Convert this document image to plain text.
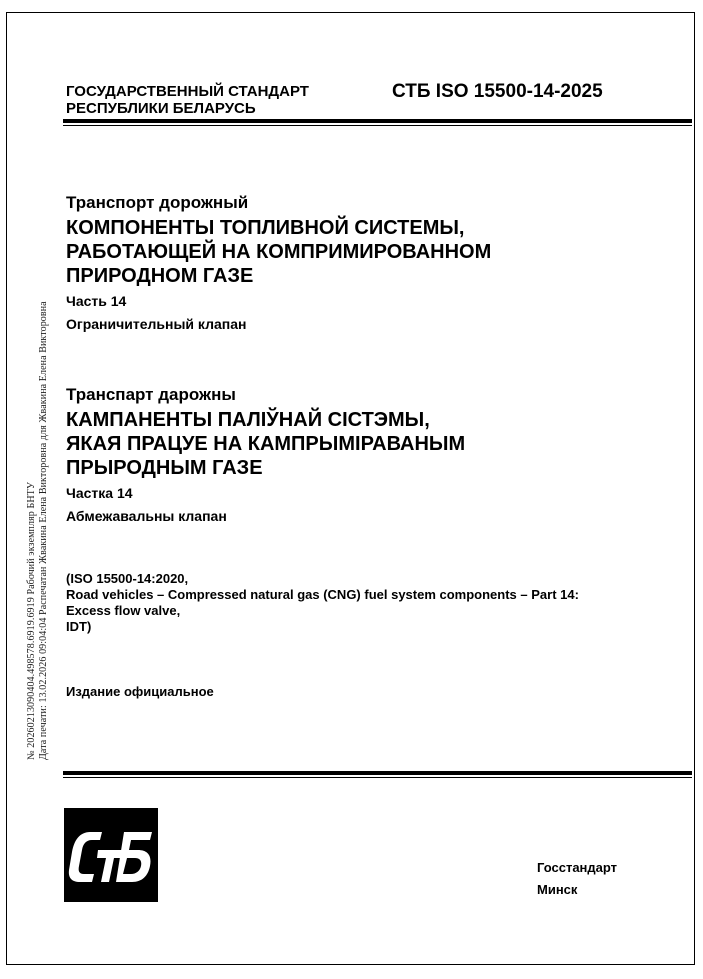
№ 20260213090404.498578.6919.6919 Рабочий экземпляр БНТУ Дата печати: 13.02.2026 09:04:04 Распечатан Жвакина Елена Викторовна для Жвакина Елена Викторовна
ГОСУДАРСТВЕННЫЙ СТАНДАРТ
РЕСПУБЛИКИ БЕЛАРУСЬ
СТБ ISO 15500-14-2025
Транспорт дорожный
КОМПОНЕНТЫ ТОПЛИВНОЙ СИСТЕМЫ,
РАБОТАЮЩЕЙ НА КОМПРИМИРОВАННОМ
ПРИРОДНОМ ГАЗЕ
Часть 14
Ограничительный клапан
Транспарт дарожны
КАМПАНЕНТЫ ПАЛІЎНАЙ СІСТЭМЫ,
ЯКАЯ ПРАЦУЕ НА КАМПРЫМІРАВАНЫМ
ПРЫРОДНЫМ ГАЗЕ
Частка 14
Абмежавальны клапан
(ISO 15500-14:2020,
Road vehicles – Compressed natural gas (CNG) fuel system components – Part 14:
Excess flow valve,
IDT)
Издание официальное
Госстандарт
Минск
